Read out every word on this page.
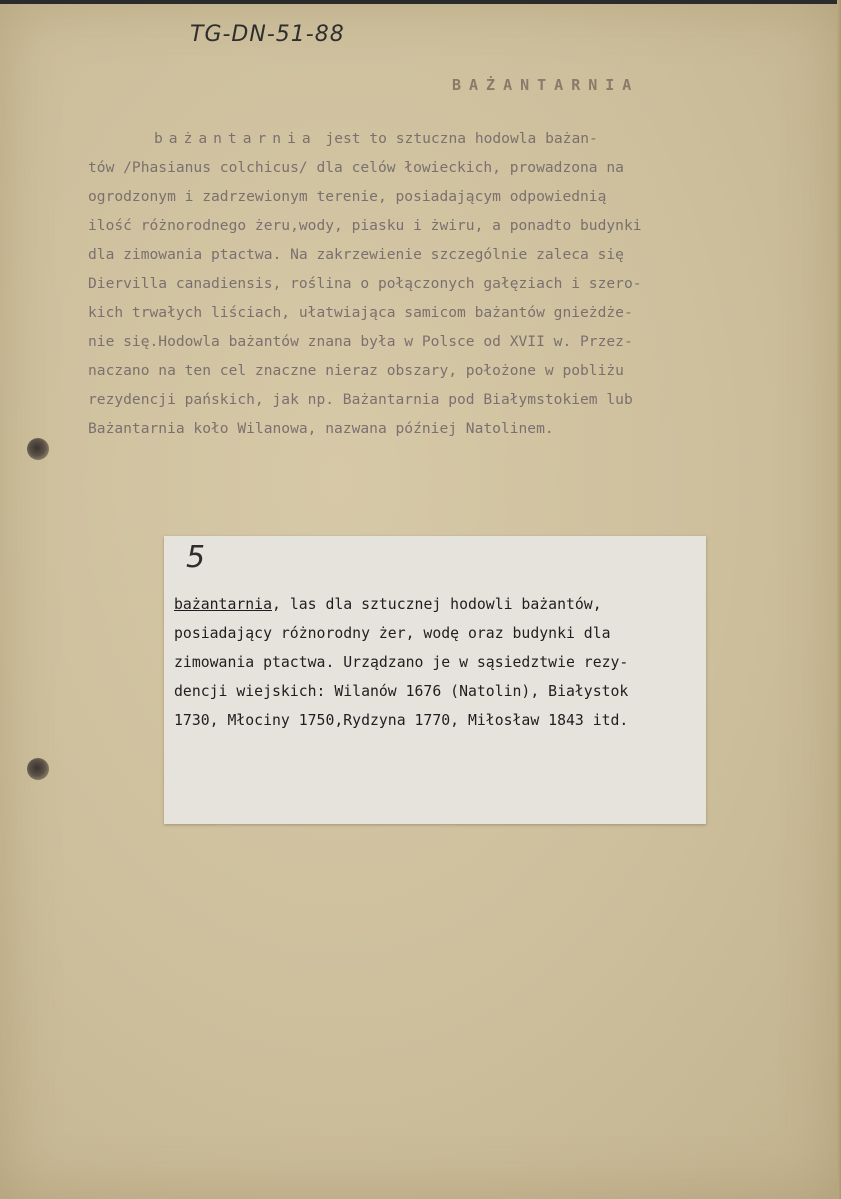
TG-DN-51-88
BAŻANTARNIA
bażantarnia jest to sztuczna hodowla bażan-
tów /Phasianus colchicus/ dla celów łowieckich, prowadzona na
ogrodzonym i zadrzewionym terenie, posiadającym odpowiednią
ilość różnorodnego żeru,wody, piasku i żwiru, a ponadto budynki
dla zimowania ptactwa. Na zakrzewienie szczególnie zaleca się
Diervilla canadiensis, roślina o połączonych gałęziach i szero-
kich trwałych liściach, ułatwiająca samicom bażantów gnieżdże-
nie się.Hodowla bażantów znana była w Polsce od XVII w. Przez-
naczano na ten cel znaczne nieraz obszary, położone w pobliżu
rezydencji pańskich, jak np. Bażantarnia pod Białymstokiem lub
Bażantarnia koło Wilanowa, nazwana później Natolinem.
5
bażantarnia, las dla sztucznej hodowli bażantów,
posiadający różnorodny żer, wodę oraz budynki dla
zimowania ptactwa. Urządzano je w sąsiedztwie rezy-
dencji wiejskich: Wilanów 1676 (Natolin), Białystok
1730, Młociny 1750,Rydzyna 1770, Miłosław 1843 itd.
